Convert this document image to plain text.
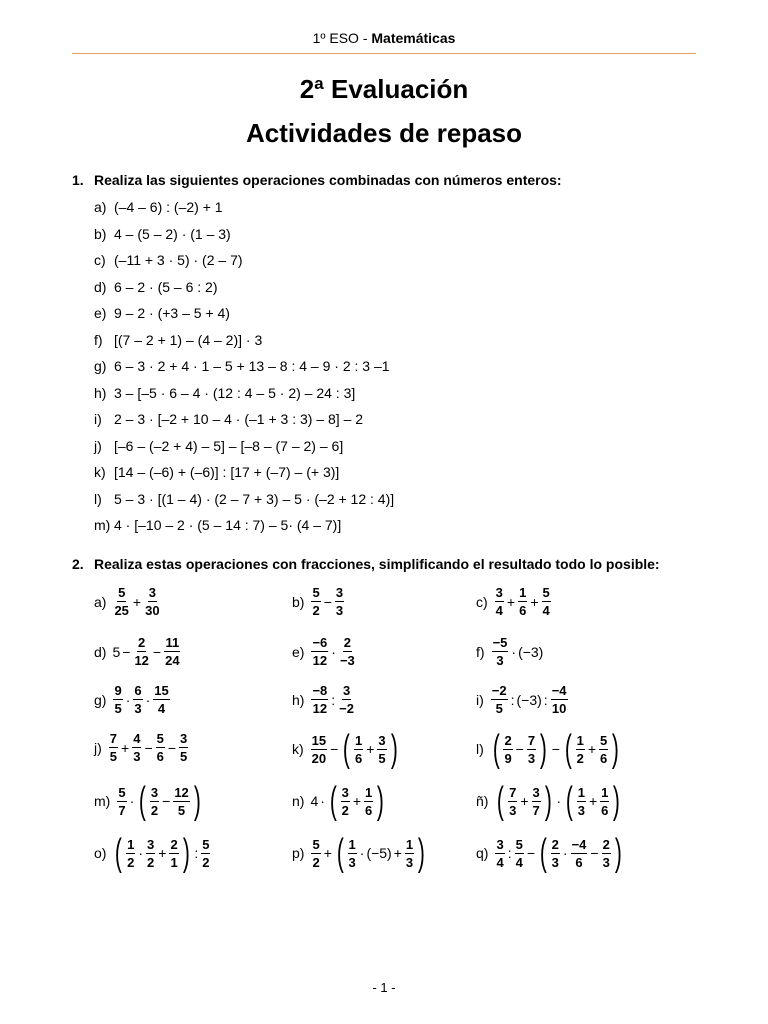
1º ESO - Matemáticas
2ª Evaluación
Actividades de repaso
1. Realiza las siguientes operaciones combinadas con números enteros:
a) (–4 – 6) : (–2) + 1
b) 4 – (5 – 2) · (1 – 3)
c) (–11 + 3 · 5) · (2 – 7)
d) 6 – 2 · (5 – 6 : 2)
e) 9 – 2 · (+3 – 5 + 4)
f) [(7 – 2 + 1) – (4 – 2)] · 3
g) 6 – 3 · 2 + 4 · 1 – 5 + 13 – 8 : 4 – 9 · 2 : 3 –1
h) 3 – [–5 · 6 – 4 · (12 : 4 – 5 · 2) – 24 : 3]
i) 2 – 3 · [–2 + 10 – 4 · (–1 + 3 : 3) – 8] – 2
j) [–6 – (–2 + 4) – 5] – [–8 – (7 – 2) – 6]
k) [14 – (–6) + (–6)] : [17 + (–7) – (+ 3)]
l) 5 – 3 · [(1 – 4) · (2 – 7 + 3) – 5 · (–2 + 12 : 4)]
m) 4 · [–10 – 2 · (5 – 14 : 7) – 5· (4 – 7)]
2. Realiza estas operaciones con fracciones, simplificando el resultado todo lo posible:
a)
5
25
+ $\frac{3}{30}$	b)
5
2
− $\frac{3}{3}$	c)
3
4
+ $\frac{1}{6} + \frac{5}{4}$
d) $5 - \frac{2}{12} - \frac{11}{24}$	e)
−6
12
·
2
−3
f)
−5
3
· (−3)
g)
9
5
·
6
3
·
15
4
h)
−8
12
:
3
−2
i)
−2
5
: (−3) :
−4
10
j)
7
5
+ $\frac{4}{3} - \frac{5}{6} - \frac{3}{5}$	k)
15
20
−
( 1
6
+ $\frac{3}{5}$
)	l)
( 2
9
− $\frac{7}{3}$
) −
( 1
2
+ $\frac{5}{6}$
)
m)
5
7
·
( 3
2
− $\frac{12}{5}$
)	n) 4 ·
( 3
2
+ $\frac{1}{6}$
)	ñ)
( 7
3
+ $\frac{3}{7}$
) ·
( 1
3
+ $\frac{1}{6}$
)
o)
( 1
2
·
3
2
+ $\frac{2}{1}$
) :
5
2
p)
5
2
+
( 1
3
· $(-5) + \frac{1}{3}$
)	q)
3
4
:
5
4
−
( 2
3
·
−4
6
− $\frac{2}{3}$
)
- 1 -
